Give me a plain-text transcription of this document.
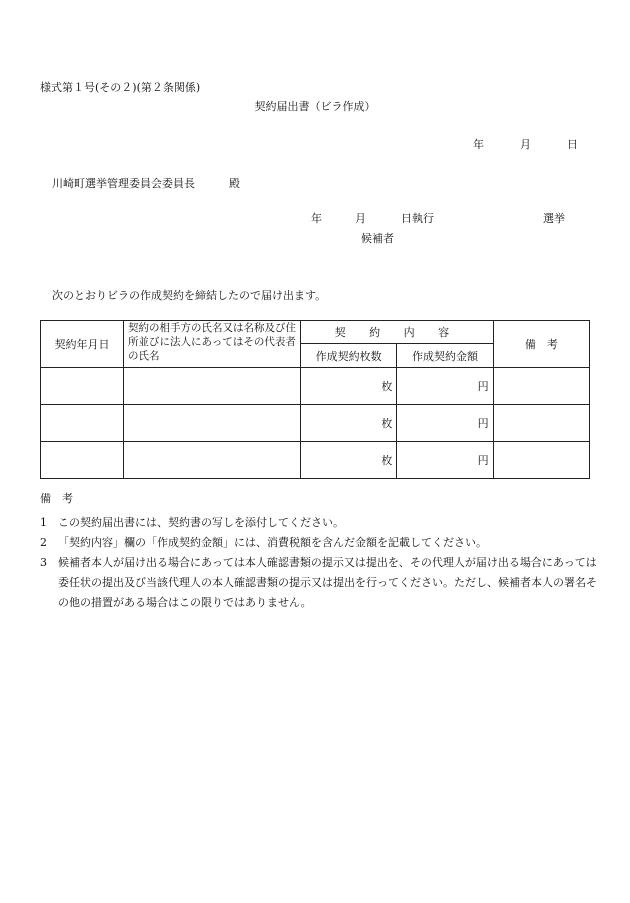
様式第１号(その２)(第２条関係)
契約届出書（ビラ作成）
年	月	日
川崎町選挙管理委員会委員長	殿
年	月	日執行	選挙
候補者
次のとおりビラの作成契約を締結したので届け出ます。
契約年月日	契約の相手方の氏名又は名称及び住所並びに法人にあってはその代表者の氏名	契 約 内 容		備　考
		作成契約枚数	作成契約金額	
		枚	円	
		枚	円	
		枚	円	
備　考
1	この契約届出書には、契約書の写しを添付してください。
2	「契約内容」欄の「作成契約金額」には、消費税額を含んだ金額を記載してください。
3	候補者本人が届け出る場合にあっては本人確認書類の提示又は提出を、その代理人が届け出る場合にあっては委任状の提出及び当該代理人の本人確認書類の提示又は提出を行ってください。ただし、候補者本人の署名その他の措置がある場合はこの限りではありません。
